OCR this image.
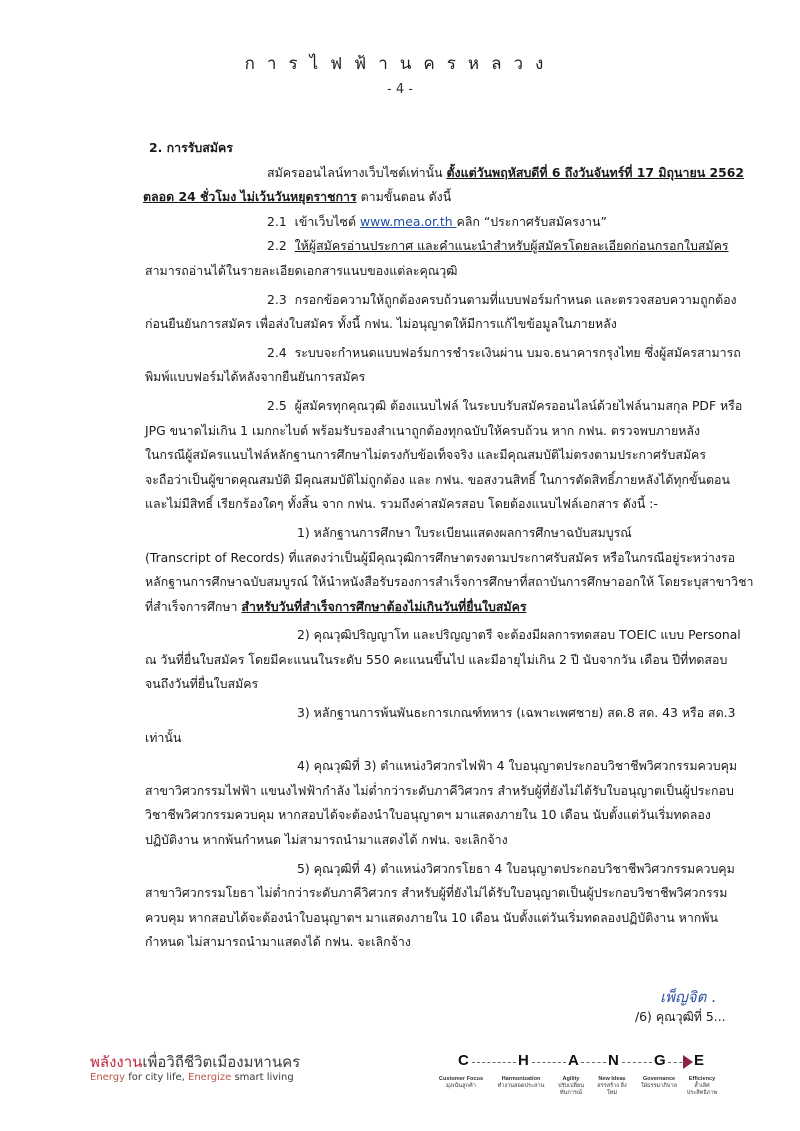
การไฟฟ้านครหลวง
- 4 -
2. การรับสมัคร
สมัครออนไลน์ทางเว็บไซต์เท่านั้น ตั้งแต่วันพฤหัสบดีที่ 6 ถึงวันจันทร์ที่ 17 มิถุนายน 2562
ตลอด 24 ชั่วโมง ไม่เว้นวันหยุดราชการ ตามขั้นตอน ดังนี้
2.1 เข้าเว็บไซต์ www.mea.or.th คลิก “ประกาศรับสมัครงาน”
2.2 ให้ผู้สมัครอ่านประกาศ และคำแนะนำสำหรับผู้สมัครโดยละเอียดก่อนกรอกใบสมัคร
สามารถอ่านได้ในรายละเอียดเอกสารแนบของแต่ละคุณวุฒิ
2.3 กรอกข้อความให้ถูกต้องครบถ้วนตามที่แบบฟอร์มกำหนด และตรวจสอบความถูกต้อง
ก่อนยืนยันการสมัคร เพื่อส่งใบสมัคร ทั้งนี้ กฟน. ไม่อนุญาตให้มีการแก้ไขข้อมูลในภายหลัง
2.4 ระบบจะกำหนดแบบฟอร์มการชำระเงินผ่าน บมจ.ธนาคารกรุงไทย ซึ่งผู้สมัครสามารถ
พิมพ์แบบฟอร์มได้หลังจากยืนยันการสมัคร
2.5 ผู้สมัครทุกคุณวุฒิ ต้องแนบไฟล์ ในระบบรับสมัครออนไลน์ด้วยไฟล์นามสกุล PDF หรือ
JPG ขนาดไม่เกิน 1 เมกกะไบต์ พร้อมรับรองสำเนาถูกต้องทุกฉบับให้ครบถ้วน หาก กฟน. ตรวจพบภายหลัง
ในกรณีผู้สมัครแนบไฟล์หลักฐานการศึกษาไม่ตรงกับข้อเท็จจริง และมีคุณสมบัติไม่ตรงตามประกาศรับสมัคร
จะถือว่าเป็นผู้ขาดคุณสมบัติ มีคุณสมบัติไม่ถูกต้อง และ กฟน. ขอสงวนสิทธิ์ ในการตัดสิทธิ์ภายหลังได้ทุกขั้นตอน
และไม่มีสิทธิ์ เรียกร้องใดๆ ทั้งสิ้น จาก กฟน. รวมถึงค่าสมัครสอบ โดยต้องแนบไฟล์เอกสาร ดังนี้ :-
1) หลักฐานการศึกษา ใบระเบียนแสดงผลการศึกษาฉบับสมบูรณ์
(Transcript of Records) ที่แสดงว่าเป็นผู้มีคุณวุฒิการศึกษาตรงตามประกาศรับสมัคร หรือในกรณีอยู่ระหว่างรอ
หลักฐานการศึกษาฉบับสมบูรณ์ ให้นำหนังสือรับรองการสำเร็จการศึกษาที่สถาบันการศึกษาออกให้ โดยระบุสาขาวิชา
ที่สำเร็จการศึกษา สำหรับวันที่สำเร็จการศึกษาต้องไม่เกินวันที่ยื่นใบสมัคร
2) คุณวุฒิปริญญาโท และปริญญาตรี จะต้องมีผลการทดสอบ TOEIC แบบ Personal
ณ วันที่ยื่นใบสมัคร โดยมีคะแนนในระดับ 550 คะแนนขึ้นไป และมีอายุไม่เกิน 2 ปี นับจากวัน เดือน ปีที่ทดสอบ
จนถึงวันที่ยื่นใบสมัคร
3) หลักฐานการพ้นพันธะการเกณฑ์ทหาร (เฉพาะเพศชาย) สด.8 สด. 43 หรือ สด.3
เท่านั้น
4) คุณวุฒิที่ 3) ตำแหน่งวิศวกรไฟฟ้า 4 ใบอนุญาตประกอบวิชาชีพวิศวกรรมควบคุม
สาขาวิศวกรรมไฟฟ้า แขนงไฟฟ้ากำลัง ไม่ต่ำกว่าระดับภาคีวิศวกร สำหรับผู้ที่ยังไม่ได้รับใบอนุญาตเป็นผู้ประกอบ
วิชาชีพวิศวกรรมควบคุม หากสอบได้จะต้องนำใบอนุญาตฯ มาแสดงภายใน 10 เดือน นับตั้งแต่วันเริ่มทดลอง
ปฏิบัติงาน หากพ้นกำหนด ไม่สามารถนำมาแสดงได้ กฟน. จะเลิกจ้าง
5) คุณวุฒิที่ 4) ตำแหน่งวิศวกรโยธา 4 ใบอนุญาตประกอบวิชาชีพวิศวกรรมควบคุม
สาขาวิศวกรรมโยธา ไม่ต่ำกว่าระดับภาคีวิศวกร สำหรับผู้ที่ยังไม่ได้รับใบอนุญาตเป็นผู้ประกอบวิชาชีพวิศวกรรม
ควบคุม หากสอบได้จะต้องนำใบอนุญาตฯ มาแสดงภายใน 10 เดือน นับตั้งแต่วันเริ่มทดลองปฏิบัติงาน หากพ้น
กำหนด ไม่สามารถนำมาแสดงได้ กฟน. จะเลิกจ้าง
เพ็ญจิต .
/6) คุณวุฒิที่ 5...
พลังงานเพื่อวิถีชีวิตเมืองมหานคร
Energy for city life, Energize smart living
C	H	A N G E
Customer Focus
มุ่งเน้นลูกค้า
Harmonization
ทำงานสอดประสาน
Agility
ปรับเปลี่ยน ทันการณ์
New Ideas
สรรสร้าง สิ่งใหม่
Governance
ใฝ่ธรรมาภิบาล
Efficiency
ล้ำเลิศ ประสิทธิภาพ
